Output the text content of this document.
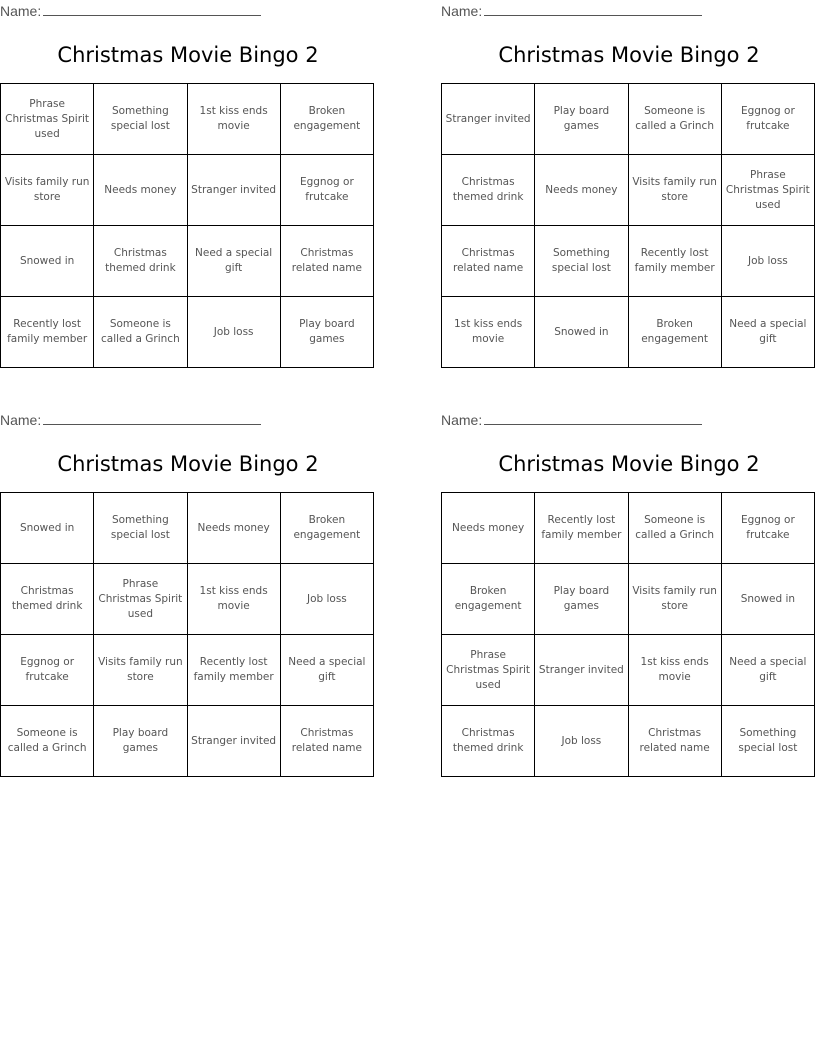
Name:
Christmas Movie Bingo 2
Phrase Christmas Spirit used	Something special lost	1st kiss ends movie	Broken engagement
Visits family run store	Needs money	Stranger invited	Eggnog or frutcake
Snowed in	Christmas themed drink	Need a special gift	Christmas related name
Recently lost family member	Someone is called a Grinch	Job loss	Play board games
Name:
Christmas Movie Bingo 2
Stranger invited	Play board games	Someone is called a Grinch	Eggnog or frutcake
Christmas themed drink	Needs money	Visits family run store	Phrase Christmas Spirit used
Christmas related name	Something special lost	Recently lost family member	Job loss
1st kiss ends movie	Snowed in	Broken engagement	Need a special gift
Name:
Christmas Movie Bingo 2
Snowed in	Something special lost	Needs money	Broken engagement
Christmas themed drink	Phrase Christmas Spirit used	1st kiss ends movie	Job loss
Eggnog or frutcake	Visits family run store	Recently lost family member	Need a special gift
Someone is called a Grinch	Play board games	Stranger invited	Christmas related name
Name:
Christmas Movie Bingo 2
Needs money	Recently lost family member	Someone is called a Grinch	Eggnog or frutcake
Broken engagement	Play board games	Visits family run store	Snowed in
Phrase Christmas Spirit used	Stranger invited	1st kiss ends movie	Need a special gift
Christmas themed drink	Job loss	Christmas related name	Something special lost
